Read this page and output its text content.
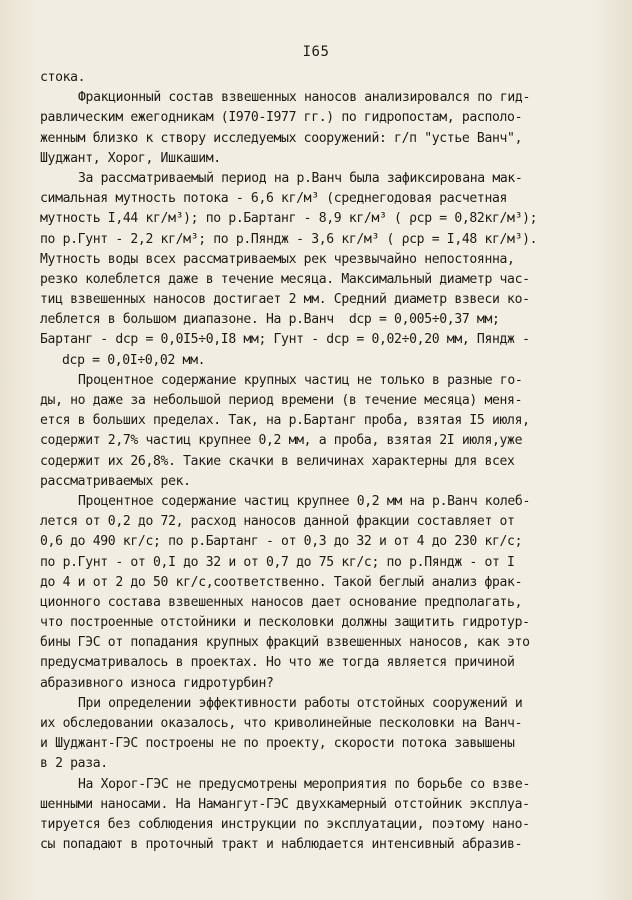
I65
стока.
Фракционный состав взвешенных наносов анализировался по гид-
равлическим ежегодникам (I970-I977 гг.) по гидропостам, располо-
женным близко к створу исследуемых сооружений: г/п "устье Ванч",
Шуджант, Хорог, Ишкашим.
За рассматриваемый период на р.Ванч была зафиксирована мак-
симальная мутность потока - 6,6 кг/м³ (среднегодовая расчетная
мутность I,44 кг/м³); по р.Бартанг - 8,9 кг/м³ ( ρср = 0,82кг/м³);
по р.Гунт - 2,2 кг/м³; по р.Пяндж - 3,6 кг/м³ ( ρср = I,48 кг/м³).
Мутность воды всех рассматриваемых рек чрезвычайно непостоянна,
резко колеблется даже в течение месяца. Максимальный диаметр час-
тиц взвешенных наносов достигает 2 мм. Средний диаметр взвеси ко-
леблется в большом диапазоне. На р.Ванч  dср = 0,005÷0,37 мм;
Бартанг - dср = 0,0I5÷0,I8 мм; Гунт - dср = 0,02÷0,20 мм, Пяндж -
dср = 0,0I÷0,02 мм.
Процентное содержание крупных частиц не только в разные го-
ды, но даже за небольшой период времени (в течение месяца) меня-
ется в больших пределах. Так, на р.Бартанг проба, взятая I5 июля,
содержит 2,7% частиц крупнее 0,2 мм, а проба, взятая 2I июля,уже
содержит их 26,8%. Такие скачки в величинах характерны для всех
рассматриваемых рек.
Процентное содержание частиц крупнее 0,2 мм на р.Ванч колеб-
лется от 0,2 до 72, расход наносов данной фракции составляет от
0,6 до 490 кг/с; по р.Бартанг - от 0,3 до 32 и от 4 до 230 кг/с;
по р.Гунт - от 0,I до 32 и от 0,7 до 75 кг/с; по р.Пяндж - от I
до 4 и от 2 до 50 кг/с,соответственно. Такой беглый анализ фрак-
ционного состава взвешенных наносов дает основание предполагать,
что построенные отстойники и песколовки должны защитить гидротур-
бины ГЭС от попадания крупных фракций взвешенных наносов, как это
предусматривалось в проектах. Но что же тогда является причиной
абразивного износа гидротурбин?
При определении эффективности работы отстойных сооружений и
их обследовании оказалось, что криволинейные песколовки на Ванч-
и Шуджант-ГЭС построены не по проекту, скорости потока завышены
в 2 раза.
На Хорог-ГЭС не предусмотрены мероприятия по борьбе со взве-
шенными наносами. На Намангут-ГЭС двухкамерный отстойник эксплуа-
тируется без соблюдения инструкции по эксплуатации, поэтому нано-
сы попадают в проточный тракт и наблюдается интенсивный абразив-
